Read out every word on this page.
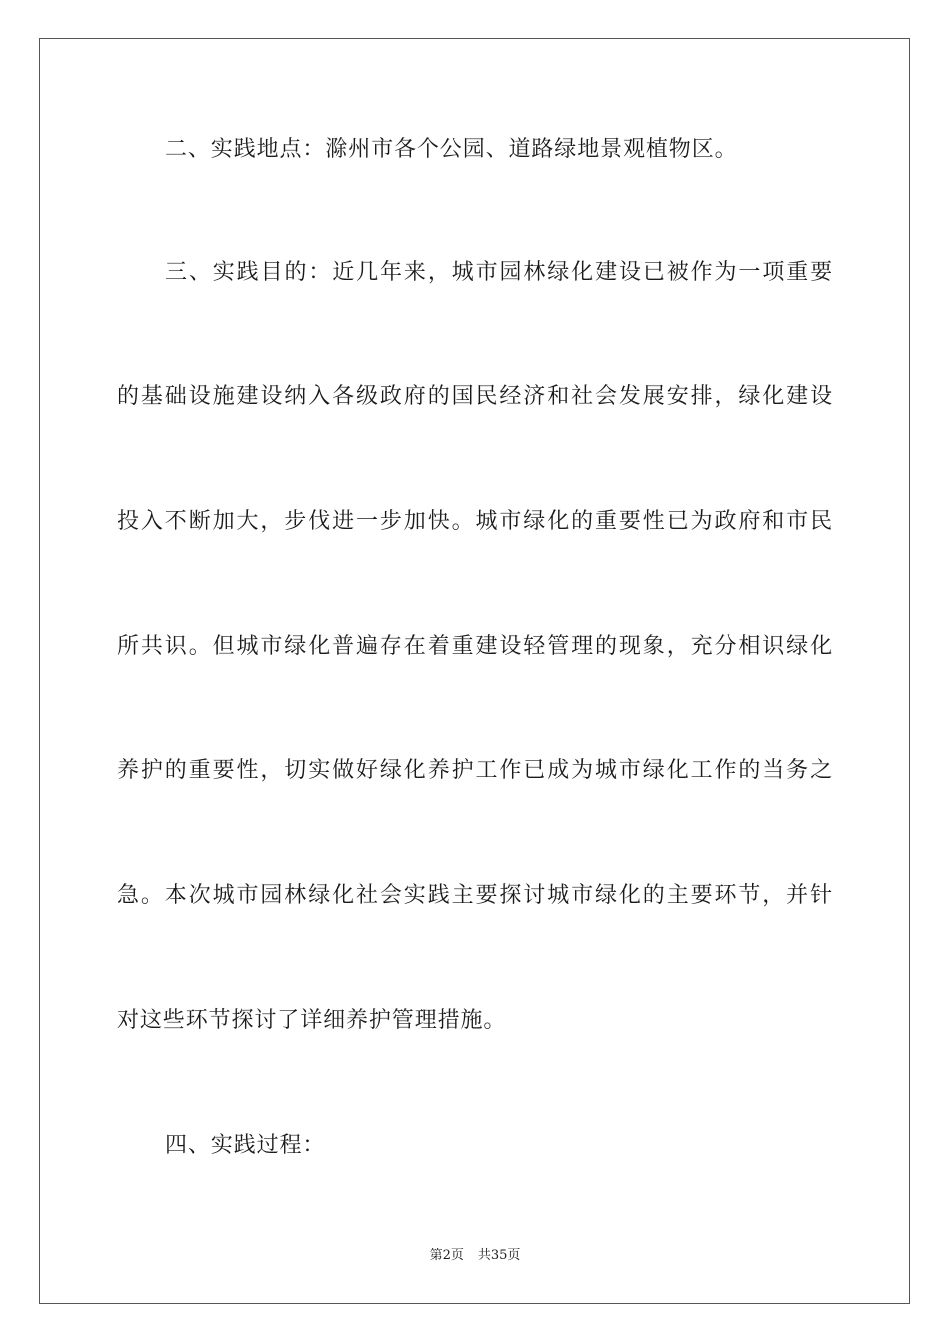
二、实践地点：滁州市各个公园、道路绿地景观植物区。
三、实践目的：近几年来，城市园林绿化建设已被作为一项重要
的基础设施建设纳入各级政府的国民经济和社会发展安排，绿化建设
投入不断加大，步伐进一步加快。城市绿化的重要性已为政府和市民
所共识。但城市绿化普遍存在着重建设轻管理的现象，充分相识绿化
养护的重要性，切实做好绿化养护工作已成为城市绿化工作的当务之
急。本次城市园林绿化社会实践主要探讨城市绿化的主要环节，并针
对这些环节探讨了详细养护管理措施。
四、实践过程：
第2页 共35页
